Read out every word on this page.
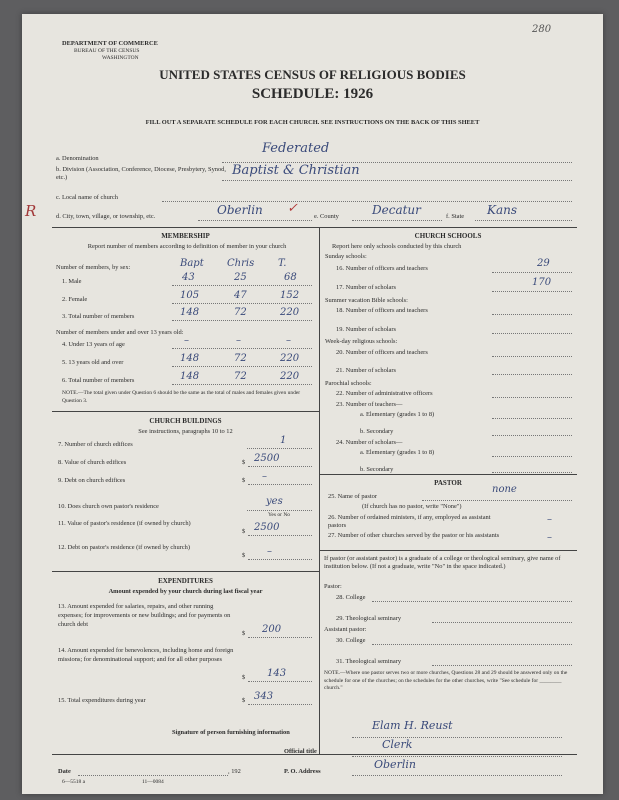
280
DEPARTMENT OF COMMERCE
BUREAU OF THE CENSUS
WASHINGTON
UNITED STATES CENSUS OF RELIGIOUS BODIES
SCHEDULE: 1926
FILL OUT A SEPARATE SCHEDULE FOR EACH CHURCH. SEE INSTRUCTIONS ON THE BACK OF THIS SHEET
a. Denomination
Federated
b. Division (Association, Conference, Diocese, Presbytery, Synod, etc.)	Baptist & Christian
c. Local name of church
R	d. City, town, village, or township, etc.	Oberlin ✓
e. County	Decatur	f. State Kans
MEMBERSHIP
Report number of members according to definition of member in your church
Number of members, by sex:	Bapt Chris T.
1. Male	43	25	68
2. Female	105	47	152
3. Total number of members	148	72	220
Number of members under and over 13 years old:
4. Under 13 years of age	–	–	–
5. 13 years old and over	148	72	220
6. Total number of members	148	72	220
NOTE.—The total given under Question 6 should be the same as the total of males and females given under Question 3.
CHURCH BUILDINGS
See instructions, paragraphs 10 to 12
7. Number of church edifices	1
8. Value of church edifices	$ 2500
9. Debt on church edifices	$ –
10. Does church own pastor's residence	yes
Yes or No
11. Value of pastor's residence (if owned by church)
$ 2500
12. Debt on pastor's residence (if owned by church)
$ –
EXPENDITURES
Amount expended by your church during last fiscal year
13. Amount expended for salaries, repairs, and other running expenses; for improvements or new buildings; and for payments on church debt
$ 200
14. Amount expended for benevolences, including home and foreign missions; for denominational support; and for all other purposes
$ 143
15. Total expenditures during year	$ 343
CHURCH SCHOOLS
Report here only schools conducted by this church
Sunday schools:
16. Number of officers and teachers	29
17. Number of scholars	170
Summer vacation Bible schools:
18. Number of officers and teachers
19. Number of scholars
Week-day religious schools:
20. Number of officers and teachers
21. Number of scholars
Parochial schools:
22. Number of administrative officers
23. Number of teachers—
a. Elementary (grades 1 to 8)
b. Secondary
24. Number of scholars—
a. Elementary (grades 1 to 8)
b. Secondary
PASTOR
25. Name of pastor
none
(If church has no pastor, write "None")
26. Number of ordained ministers, if any, employed as assistant pastors
–
27. Number of other churches served by the pastor or his assistants	–
If pastor (or assistant pastor) is a graduate of a college or theological seminary, give name of institution below. (If not a graduate, write "No" in the space indicated.)
Pastor:
28. College
29. Theological seminary
Assistant pastor:
30. College
31. Theological seminary
NOTE.—Where one pastor serves two or more churches, Questions 28 and 29 should be answered only on the schedule for one of the churches; on the schedules for the other churches, write "See schedule for ________ church."
Signature of person furnishing information
Elam H. Reust
Official title
Clerk
Date	, 192	P. O. Address
Oberlin
6—5518 a	11—0084
